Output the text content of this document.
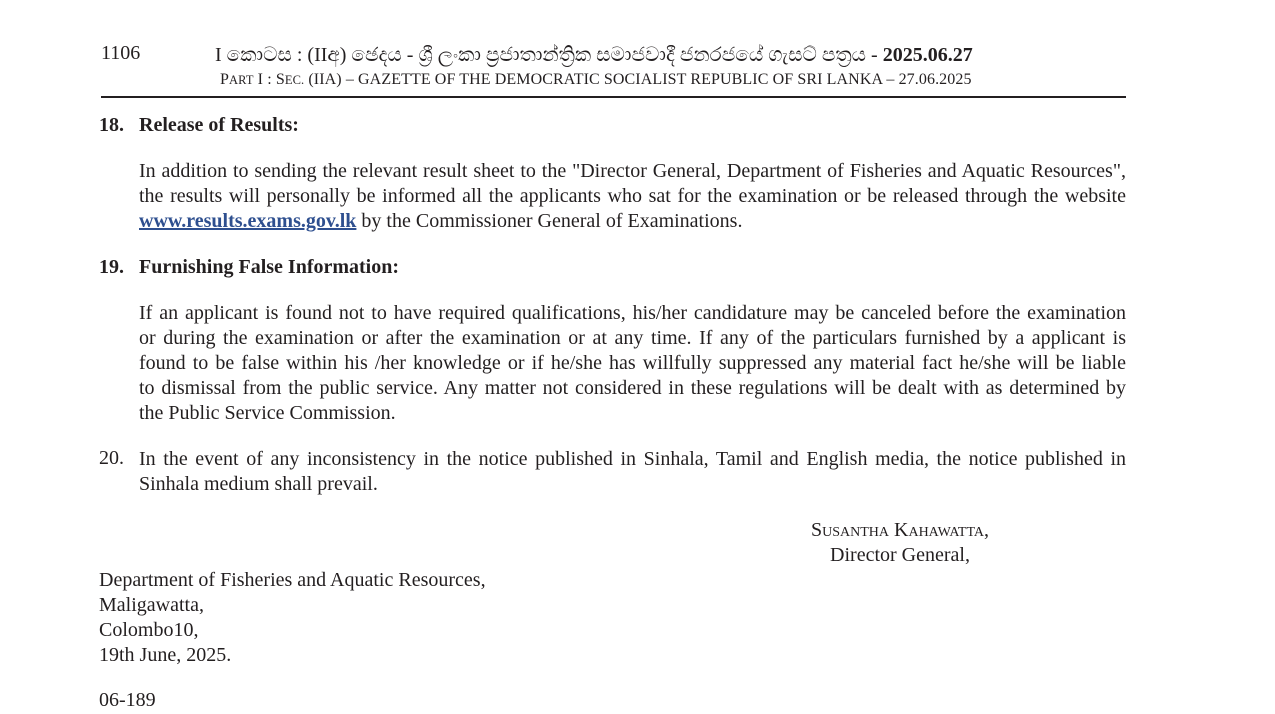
1106	I කොටස : (IIඅ) ඡෙදය - ශ්‍රී ලංකා ප්‍රජාතාන්ත්‍රික සමාජවාදී ජනරජයේ ගැසට් පත්‍රය - 2025.06.27
PART I : SEC. (IIA) – GAZETTE OF THE DEMOCRATIC SOCIALIST REPUBLIC OF SRI LANKA – 27.06.2025
18. Release of Results:
In addition to sending the relevant result sheet to the "Director General, Department of Fisheries and Aquatic Resources",
the results will personally be informed all the applicants who sat for the examination or be released through the website
www.results.exams.gov.lk by the Commissioner General of Examinations.
19. Furnishing False Information:
If an applicant is found not to have required qualifications, his/her candidature may be canceled before the examination
or during the examination or after the examination or at any time. If any of the particulars furnished by a applicant is
found to be false within his /her knowledge or if he/she has willfully suppressed any material fact he/she will be liable
to dismissal from the public service. Any matter not considered in these regulations will be dealt with as determined by
the Public Service Commission.
20. In the event of any inconsistency in the notice published in Sinhala, Tamil and English media, the notice published in
Sinhala medium shall prevail.
Susantha Kahawatta,
Director General,
Department of Fisheries and Aquatic Resources,
Maligawatta,
Colombo10,
19th June, 2025.
06-189
